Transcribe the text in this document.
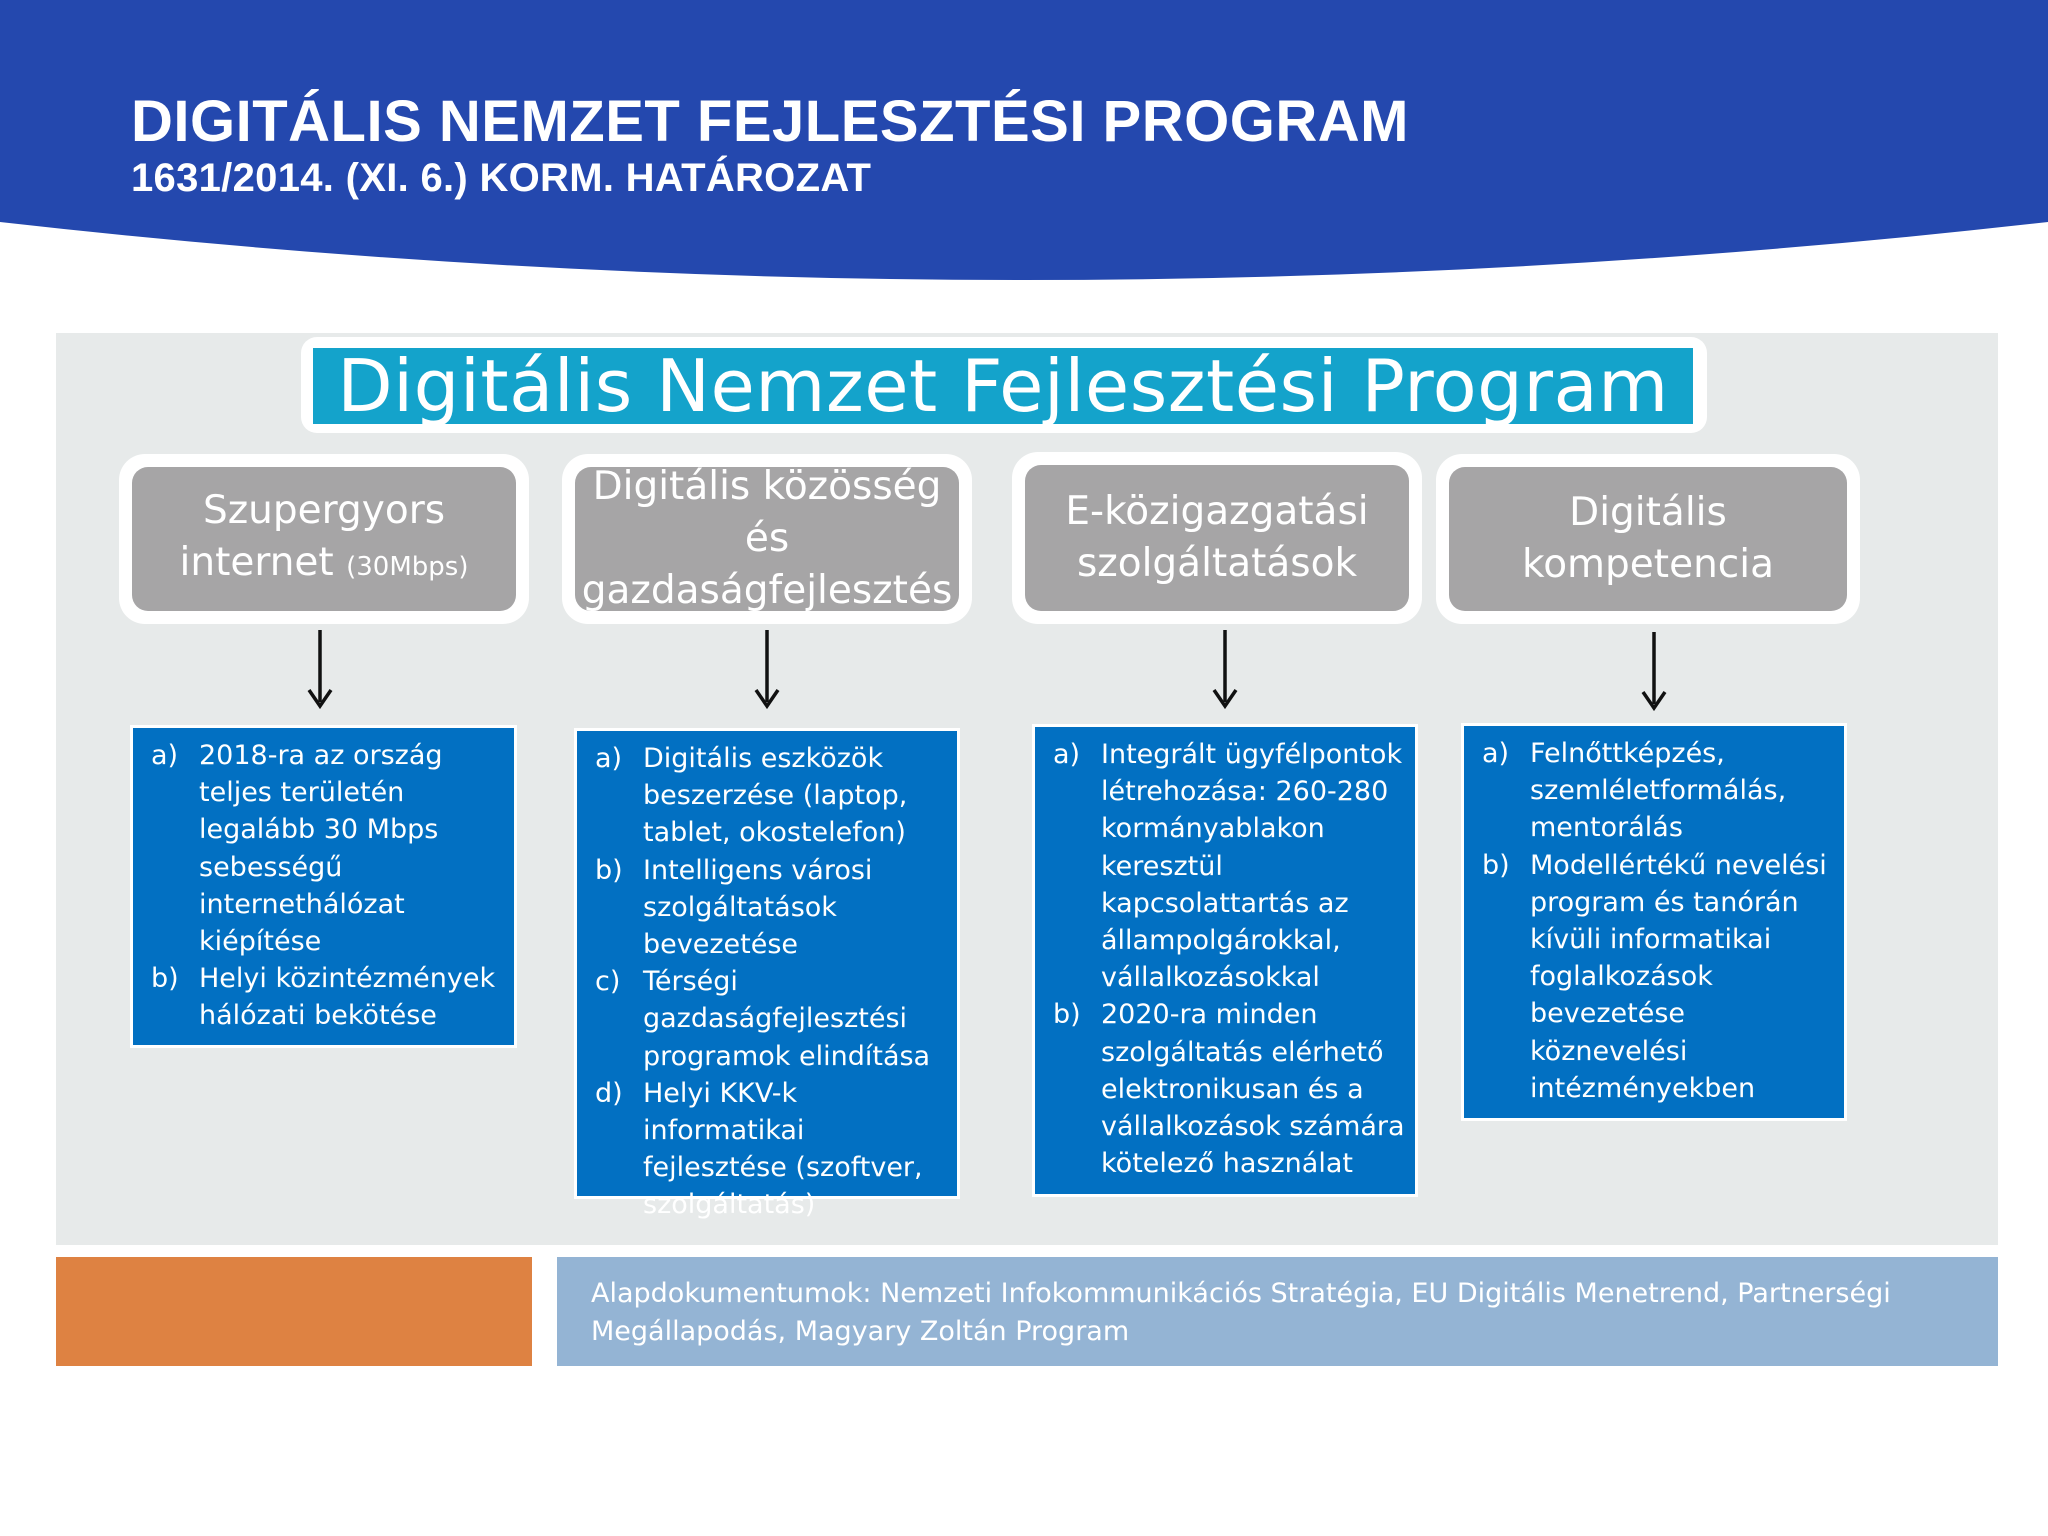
DIGITÁLIS NEMZET FEJLESZTÉSI PROGRAM
1631/2014. (XI. 6.) KORM. HATÁROZAT
Digitális Nemzet Fejlesztési Program
Szupergyors
internet (30Mbps)
Digitális közösség
és
gazdaságfejlesztés
E-közigazgatási
szolgáltatások
Digitális
kompetencia
a) 2018-ra az ország teljes területén legalább 30 Mbps sebességű internethálózat kiépítése
b) Helyi közintézmények hálózati bekötése
a) Digitális eszközök beszerzése (laptop, tablet, okostelefon)
b) Intelligens városi szolgáltatások bevezetése
c) Térségi gazdaságfejlesztési programok elindítása
d) Helyi KKV-k informatikai fejlesztése (szoftver, szolgáltatás)
a) Integrált ügyfélpontok létrehozása: 260-280 kormányablakon keresztül kapcsolattartás az állampolgárokkal, vállalkozásokkal
b) 2020-ra minden szolgáltatás elérhető elektronikusan és a vállalkozások számára kötelező használat
a) Felnőttképzés, szemléletformálás, mentorálás
b) Modellértékű nevelési program és tanórán kívüli informatikai foglalkozások bevezetése köznevelési intézményekben
Alapdokumentumok: Nemzeti Infokommunikációs Stratégia, EU Digitális Menetrend, Partnerségi Megállapodás, Magyary Zoltán Program
